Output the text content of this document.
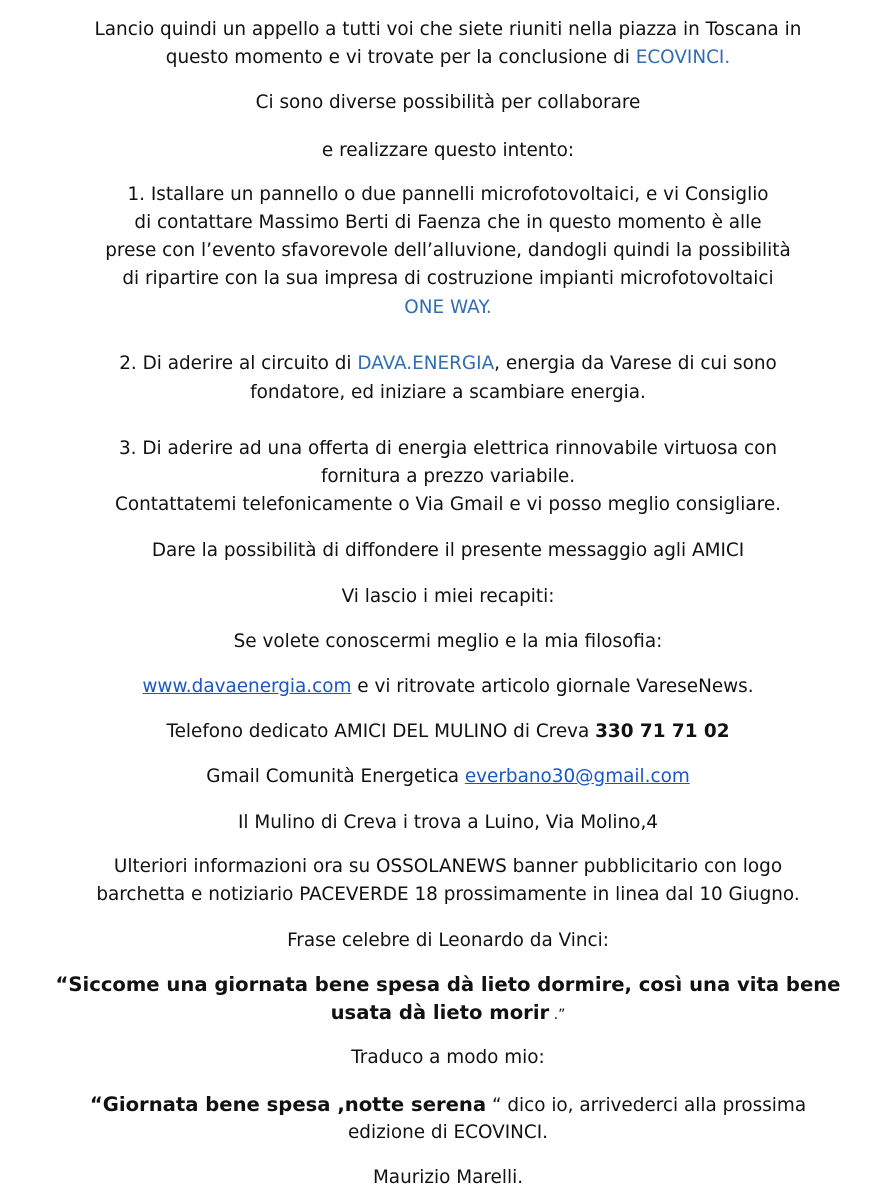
Lancio quindi un appello a tutti voi che siete riuniti nella piazza in Toscana in
questo momento e vi trovate per la conclusione di ECOVINCI.
Ci sono diverse possibilità per collaborare
e realizzare questo intento:
1. Istallare un pannello o due pannelli microfotovoltaici, e vi Consiglio
di contattare Massimo Berti di Faenza che in questo momento è alle
prese con l’evento sfavorevole dell’alluvione, dandogli quindi la possibilità
di ripartire con la sua impresa di costruzione impianti microfotovoltaici
ONE WAY.
2. Di aderire al circuito di DAVA.ENERGIA, energia da Varese di cui sono
fondatore, ed iniziare a scambiare energia.
3. Di aderire ad una offerta di energia elettrica rinnovabile virtuosa con
fornitura a prezzo variabile.
Contattatemi telefonicamente o Via Gmail e vi posso meglio consigliare.
Dare la possibilità di diffondere il presente messaggio agli AMICI
Vi lascio i miei recapiti:
Se volete conoscermi meglio e la mia filosofia:
www.davaenergia.com e vi ritrovate articolo giornale VareseNews.
Telefono dedicato AMICI DEL MULINO di Creva 330 71 71 02
Gmail Comunità Energetica everbano30@gmail.com
Il Mulino di Creva i trova a Luino, Via Molino,4
Ulteriori informazioni ora su OSSOLANEWS banner pubblicitario con logo
barchetta e notiziario PACEVERDE 18 prossimamente in linea dal 10 Giugno.
Frase celebre di Leonardo da Vinci:
“Siccome una giornata bene spesa dà lieto dormire, così una vita bene
usata dà lieto morir .”
Traduco a modo mio:
“Giornata bene spesa ,notte serena “ dico io, arrivederci alla prossima
edizione di ECOVINCI.
Maurizio Marelli.
